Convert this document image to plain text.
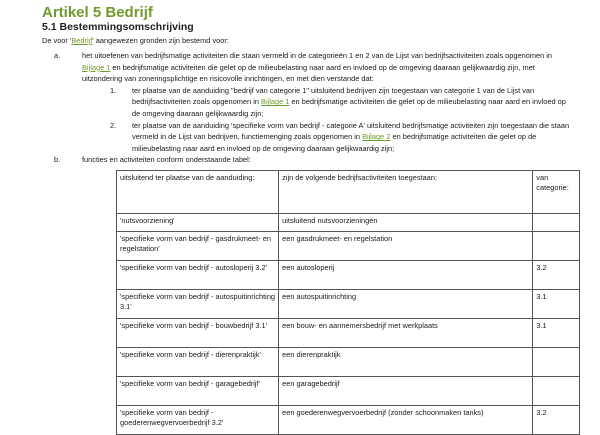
Artikel 5 Bedrijf
5.1 Bestemmingsomschrijving

De voor 'Bedrijf' aangewezen gronden zijn bestemd voor:

a.	het uitoefenen van bedrijfsmatige activiteiten die staan vermeld in de categorieën 1 en 2 van de Lijst van bedrijfsactiviteiten zoals opgenomen in Bijlage 1 en bedrijfsmatige activiteiten die gelet op de milieubelasting naar aard en invloed op de omgeving daaraan gelijkwaardig zijn, met uitzondering van zoneringsplichtige en risicovolle inrichtingen, en met dien verstande dat:
1.	ter plaatse van de aanduiding "bedrijf van categorie 1" uitsluitend bedrijven zijn toegestaan van categorie 1 van de Lijst van bedrijfsactiviteiten zoals opgenomen in Bijlage 1 en bedrijfsmatige activiteiten die gelet op de milieubelasting naar aard en invloed op de omgeving daaraan gelijkwaardig zijn;
2.	ter plaatse van de aanduiding 'specifieke vorm van bedrijf - categorie A' uitsluitend bedrijfsmatige activiteiten zijn toegestaan die staan vermeld in de Lijst van bedrijven, functiemenging zoals opgenomen in Bijlage 2 en bedrijfsmatige activiteiten die gelet op de milieubelasting naar aard en invloed op de omgeving daaraan gelijkwaardig zijn;
b.	functies en activiteiten conform onderstaande tabel:
uitsluitend ter plaatse van de aanduiding:	zijn de volgende bedrijfsactiviteiten toegestaan:	van categorie:
'nutsvoorziening'	uitsluitend nutsvoorzieningen	
'specifieke vorm van bedrijf - gasdrukmeet- en regelstation'	een gasdrukmeet- en regelstation	
'specifieke vorm van bedrijf - autosloperij 3.2'	een autosloperij	3.2
'specifieke vorm van bedrijf - autospuitinrichting 3.1'	een autospuitinrichting	3.1
'specifieke vorm van bedrijf - bouwbedrijf 3.1'	een bouw- en aannemersbedrijf met werkplaats	3.1
'specifieke vorm van bedrijf - dierenpraktijk'	een dierenpraktijk	
'specifieke vorm van bedrijf - garagebedrijf'	een garagebedrijf	
'specifieke vorm van bedrijf - goederenwegvervoerbedrijf 3.2'	een goederenwegvervoerbedrijf (zonder schoonmaken tanks)	3.2
